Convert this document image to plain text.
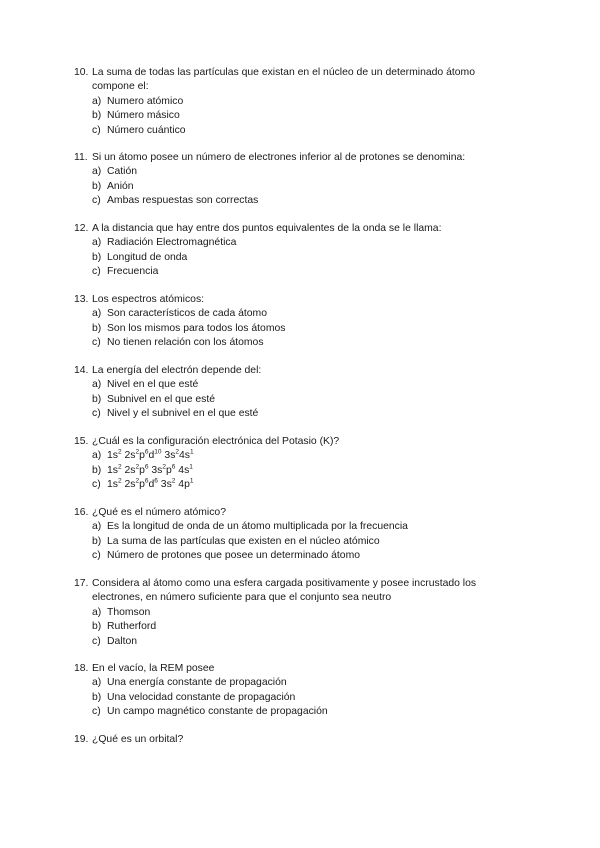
10. La suma de todas las partículas que existan en el núcleo de un determinado átomo
compone el:
a) Numero atómico
b) Número másico
c) Número cuántico
11. Si un átomo posee un número de electrones inferior al de protones se denomina:
a) Catión
b) Anión
c) Ambas respuestas son correctas
12. A la distancia que hay entre dos puntos equivalentes de la onda se le llama:
a) Radiación Electromagnética
b) Longitud de onda
c) Frecuencia
13. Los espectros atómicos:
a) Son característicos de cada átomo
b) Son los mismos para todos los átomos
c) No tienen relación con los átomos
14. La energía del electrón depende del:
a) Nivel en el que esté
b) Subnivel en el que esté
c) Nivel y el subnivel en el que esté
15. ¿Cuál es la configuración electrónica del Potasio (K)?
a) $1s^2$ $2s^2p^6d^{10}$ $3s^24s^1$
b) $1s^2$ $2s^2p^6$ $3s^2p^6$ $4s^1$
c) $1s^2$ $2s^2p^6d^6$ $3s^2$ $4p^1$
16. ¿Qué es el número atómico?
a) Es la longitud de onda de un átomo multiplicada por la frecuencia
b) La suma de las partículas que existen en el núcleo atómico
c) Número de protones que posee un determinado átomo
17. Considera al átomo como una esfera cargada positivamente y posee incrustado los
electrones, en número suficiente para que el conjunto sea neutro
a) Thomson
b) Rutherford
c) Dalton
18. En el vacío, la REM posee
a) Una energía constante de propagación
b) Una velocidad constante de propagación
c) Un campo magnético constante de propagación
19. ¿Qué es un orbital?
